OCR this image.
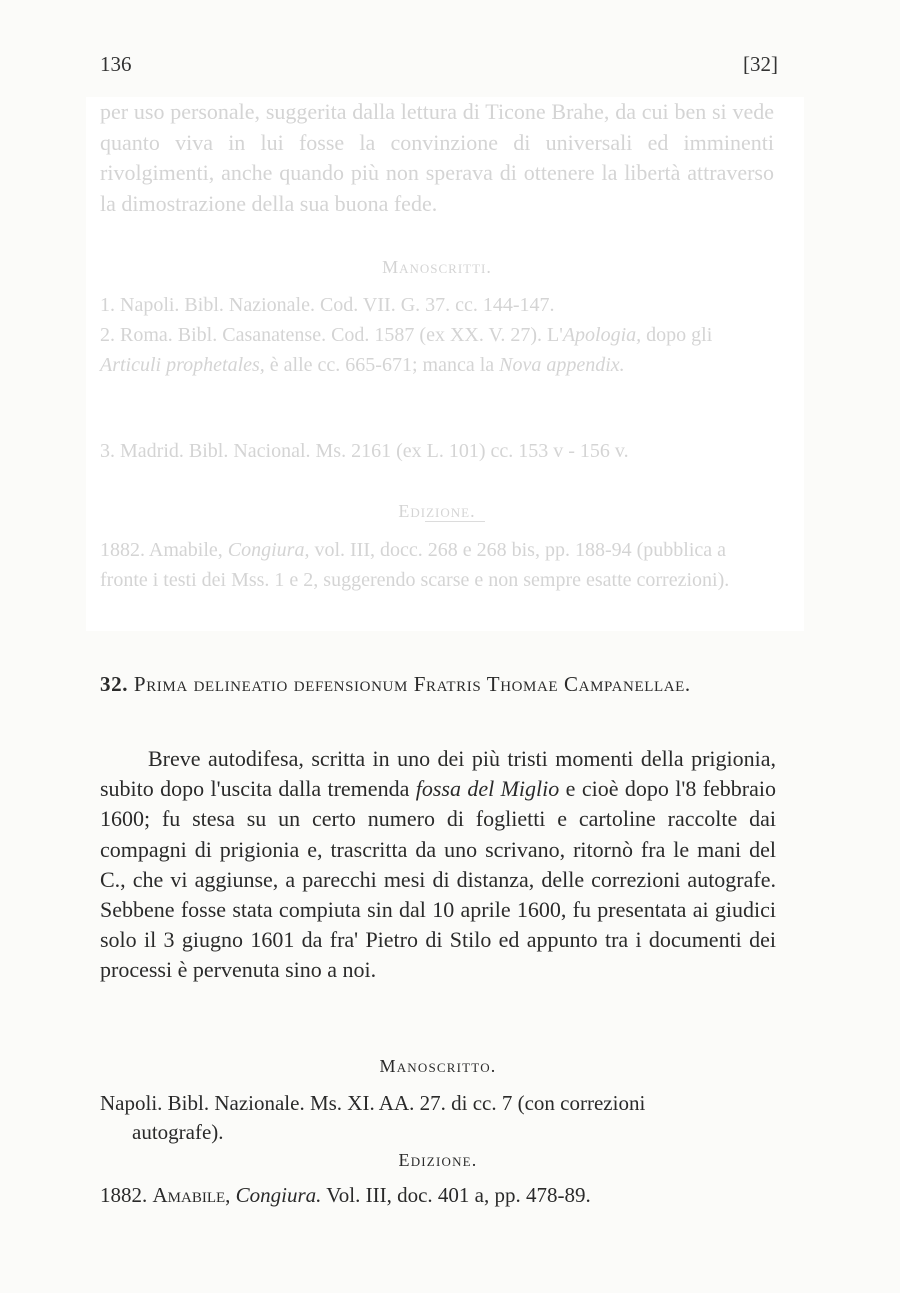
136	[32]

per uso personale, suggerita dalla lettura di Ticone Brahe, da cui ben si vede quanto viva in lui fosse la convinzione di universali ed imminenti rivolgimenti, anche quando più non sperava di ottenere la libertà attraverso la dimostrazione della sua buona fede.

Manoscritti.
1. Napoli. Bibl. Nazionale. Cod. VII. G. 37. cc. 144-147.
2. Roma. Bibl. Casanatense. Cod. 1587 (ex XX. V. 27). L'Apologia, dopo gli Articuli prophetales, è alle cc. 665-671; manca la Nova appendix.
3. Madrid. Bibl. Nacional. Ms. 2161 (ex L. 101) cc. 153 v - 156 v.
Edizione.
1882. Amabile, Congiura, vol. III, docc. 268 e 268 bis, pp. 188-94 (pubblica a fronte i testi dei Mss. 1 e 2, suggerendo scarse e non sempre esatte correzioni).
32. Prima delineatio defensionum Fratris Thomae Campanellae.
Breve autodifesa, scritta in uno dei più tristi momenti della prigionia, subito dopo l'uscita dalla tremenda fossa del Miglio e cioè dopo l'8 febbraio 1600; fu stesa su un certo numero di foglietti e cartoline raccolte dai compagni di prigionia e, trascritta da uno scrivano, ritornò fra le mani del C., che vi aggiunse, a parecchi mesi di distanza, delle correzioni autografe. Sebbene fosse stata compiuta sin dal 10 aprile 1600, fu presentata ai giudici solo il 3 giugno 1601 da fra' Pietro di Stilo ed appunto tra i documenti dei processi è pervenuta sino a noi.
Manoscritto.
Napoli. Bibl. Nazionale. Ms. XI. AA. 27. di cc. 7 (con correzioni
autografe).
Edizione.
1882. Amabile, Congiura. Vol. III, doc. 401 a, pp. 478-89.
